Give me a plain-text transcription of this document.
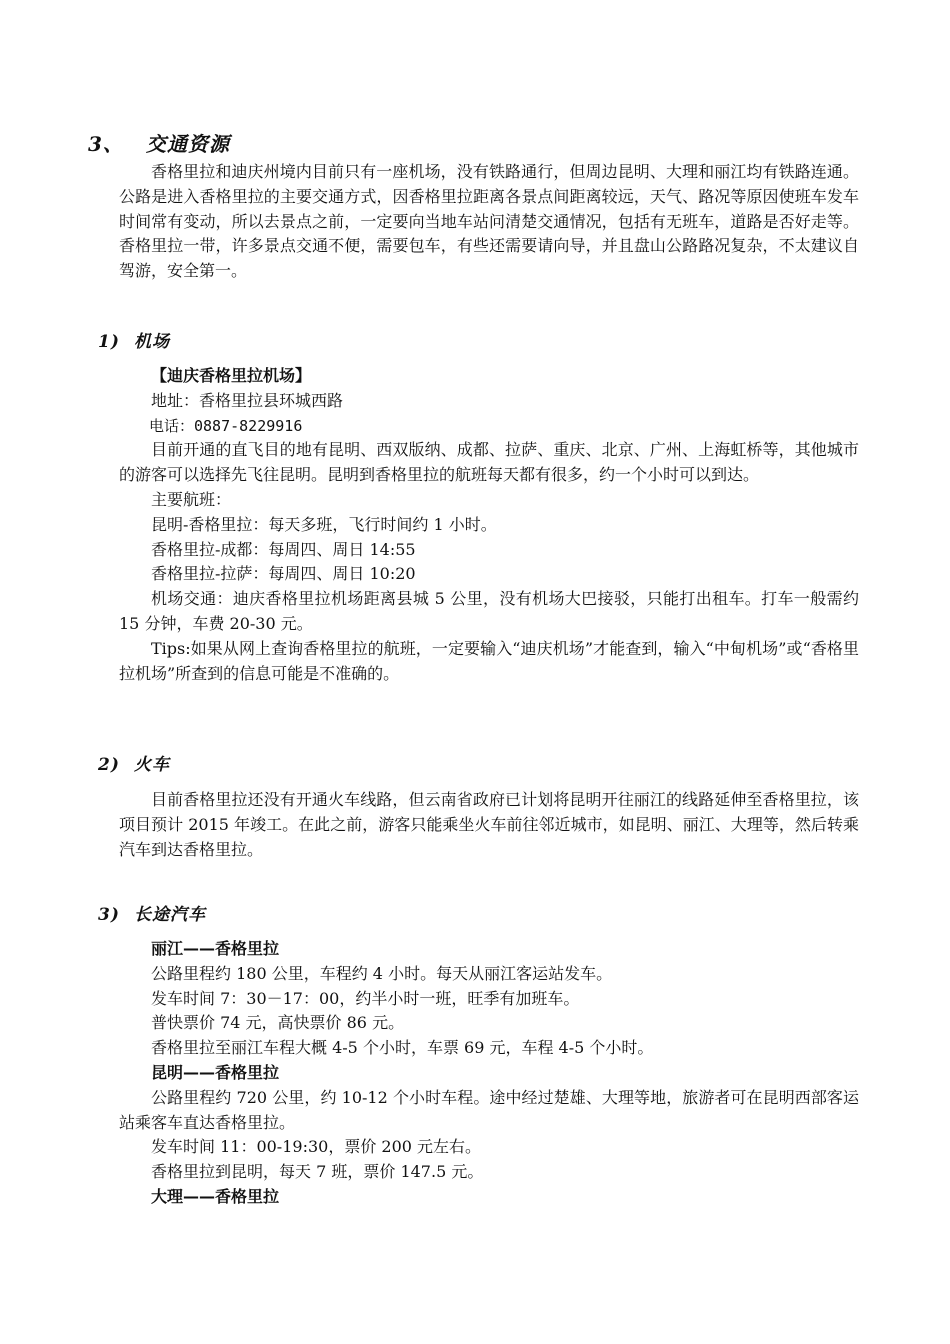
3、 交通资源

香格里拉和迪庆州境内目前只有一座机场，没有铁路通行，但周边昆明、大理和丽江均有铁路连通。公路是进入香格里拉的主要交通方式，因香格里拉距离各景点间距离较远，天气、路况等原因使班车发车时间常有变动，所以去景点之前，一定要向当地车站问清楚交通情况，包括有无班车，道路是否好走等。香格里拉一带，许多景点交通不便，需要包车，有些还需要请向导，并且盘山公路路况复杂，不太建议自驾游，安全第一。

1) 机场

【迪庆香格里拉机场】

地址：香格里拉县环城西路

电话：0887-8229916

目前开通的直飞目的地有昆明、西双版纳、成都、拉萨、重庆、北京、广州、上海虹桥等，其他城市的游客可以选择先飞往昆明。昆明到香格里拉的航班每天都有很多，约一个小时可以到达。

主要航班：

昆明-香格里拉：每天多班，飞行时间约 1 小时。

香格里拉-成都：每周四、周日 14:55

香格里拉-拉萨：每周四、周日 10:20

机场交通：迪庆香格里拉机场距离县城 5 公里，没有机场大巴接驳，只能打出租车。打车一般需约 15 分钟，车费 20-30 元。

Tips:如果从网上查询香格里拉的航班，一定要输入“迪庆机场”才能查到，输入“中甸机场”或“香格里拉机场”所查到的信息可能是不准确的。

2) 火车

目前香格里拉还没有开通火车线路，但云南省政府已计划将昆明开往丽江的线路延伸至香格里拉，该项目预计 2015 年竣工。在此之前，游客只能乘坐火车前往邻近城市，如昆明、丽江、大理等，然后转乘汽车到达香格里拉。

3) 长途汽车

丽江——香格里拉

公路里程约 180 公里，车程约 4 小时。每天从丽江客运站发车。

发车时间 7：30－17：00，约半小时一班，旺季有加班车。

普快票价 74 元，高快票价 86 元。

香格里拉至丽江车程大概 4-5 个小时，车票 69 元，车程 4-5 个小时。

昆明——香格里拉

公路里程约 720 公里，约 10-12 个小时车程。途中经过楚雄、大理等地，旅游者可在昆明西部客运站乘客车直达香格里拉。

发车时间 11：00-19:30，票价 200 元左右。

香格里拉到昆明，每天 7 班，票价 147.5 元。

大理——香格里拉
